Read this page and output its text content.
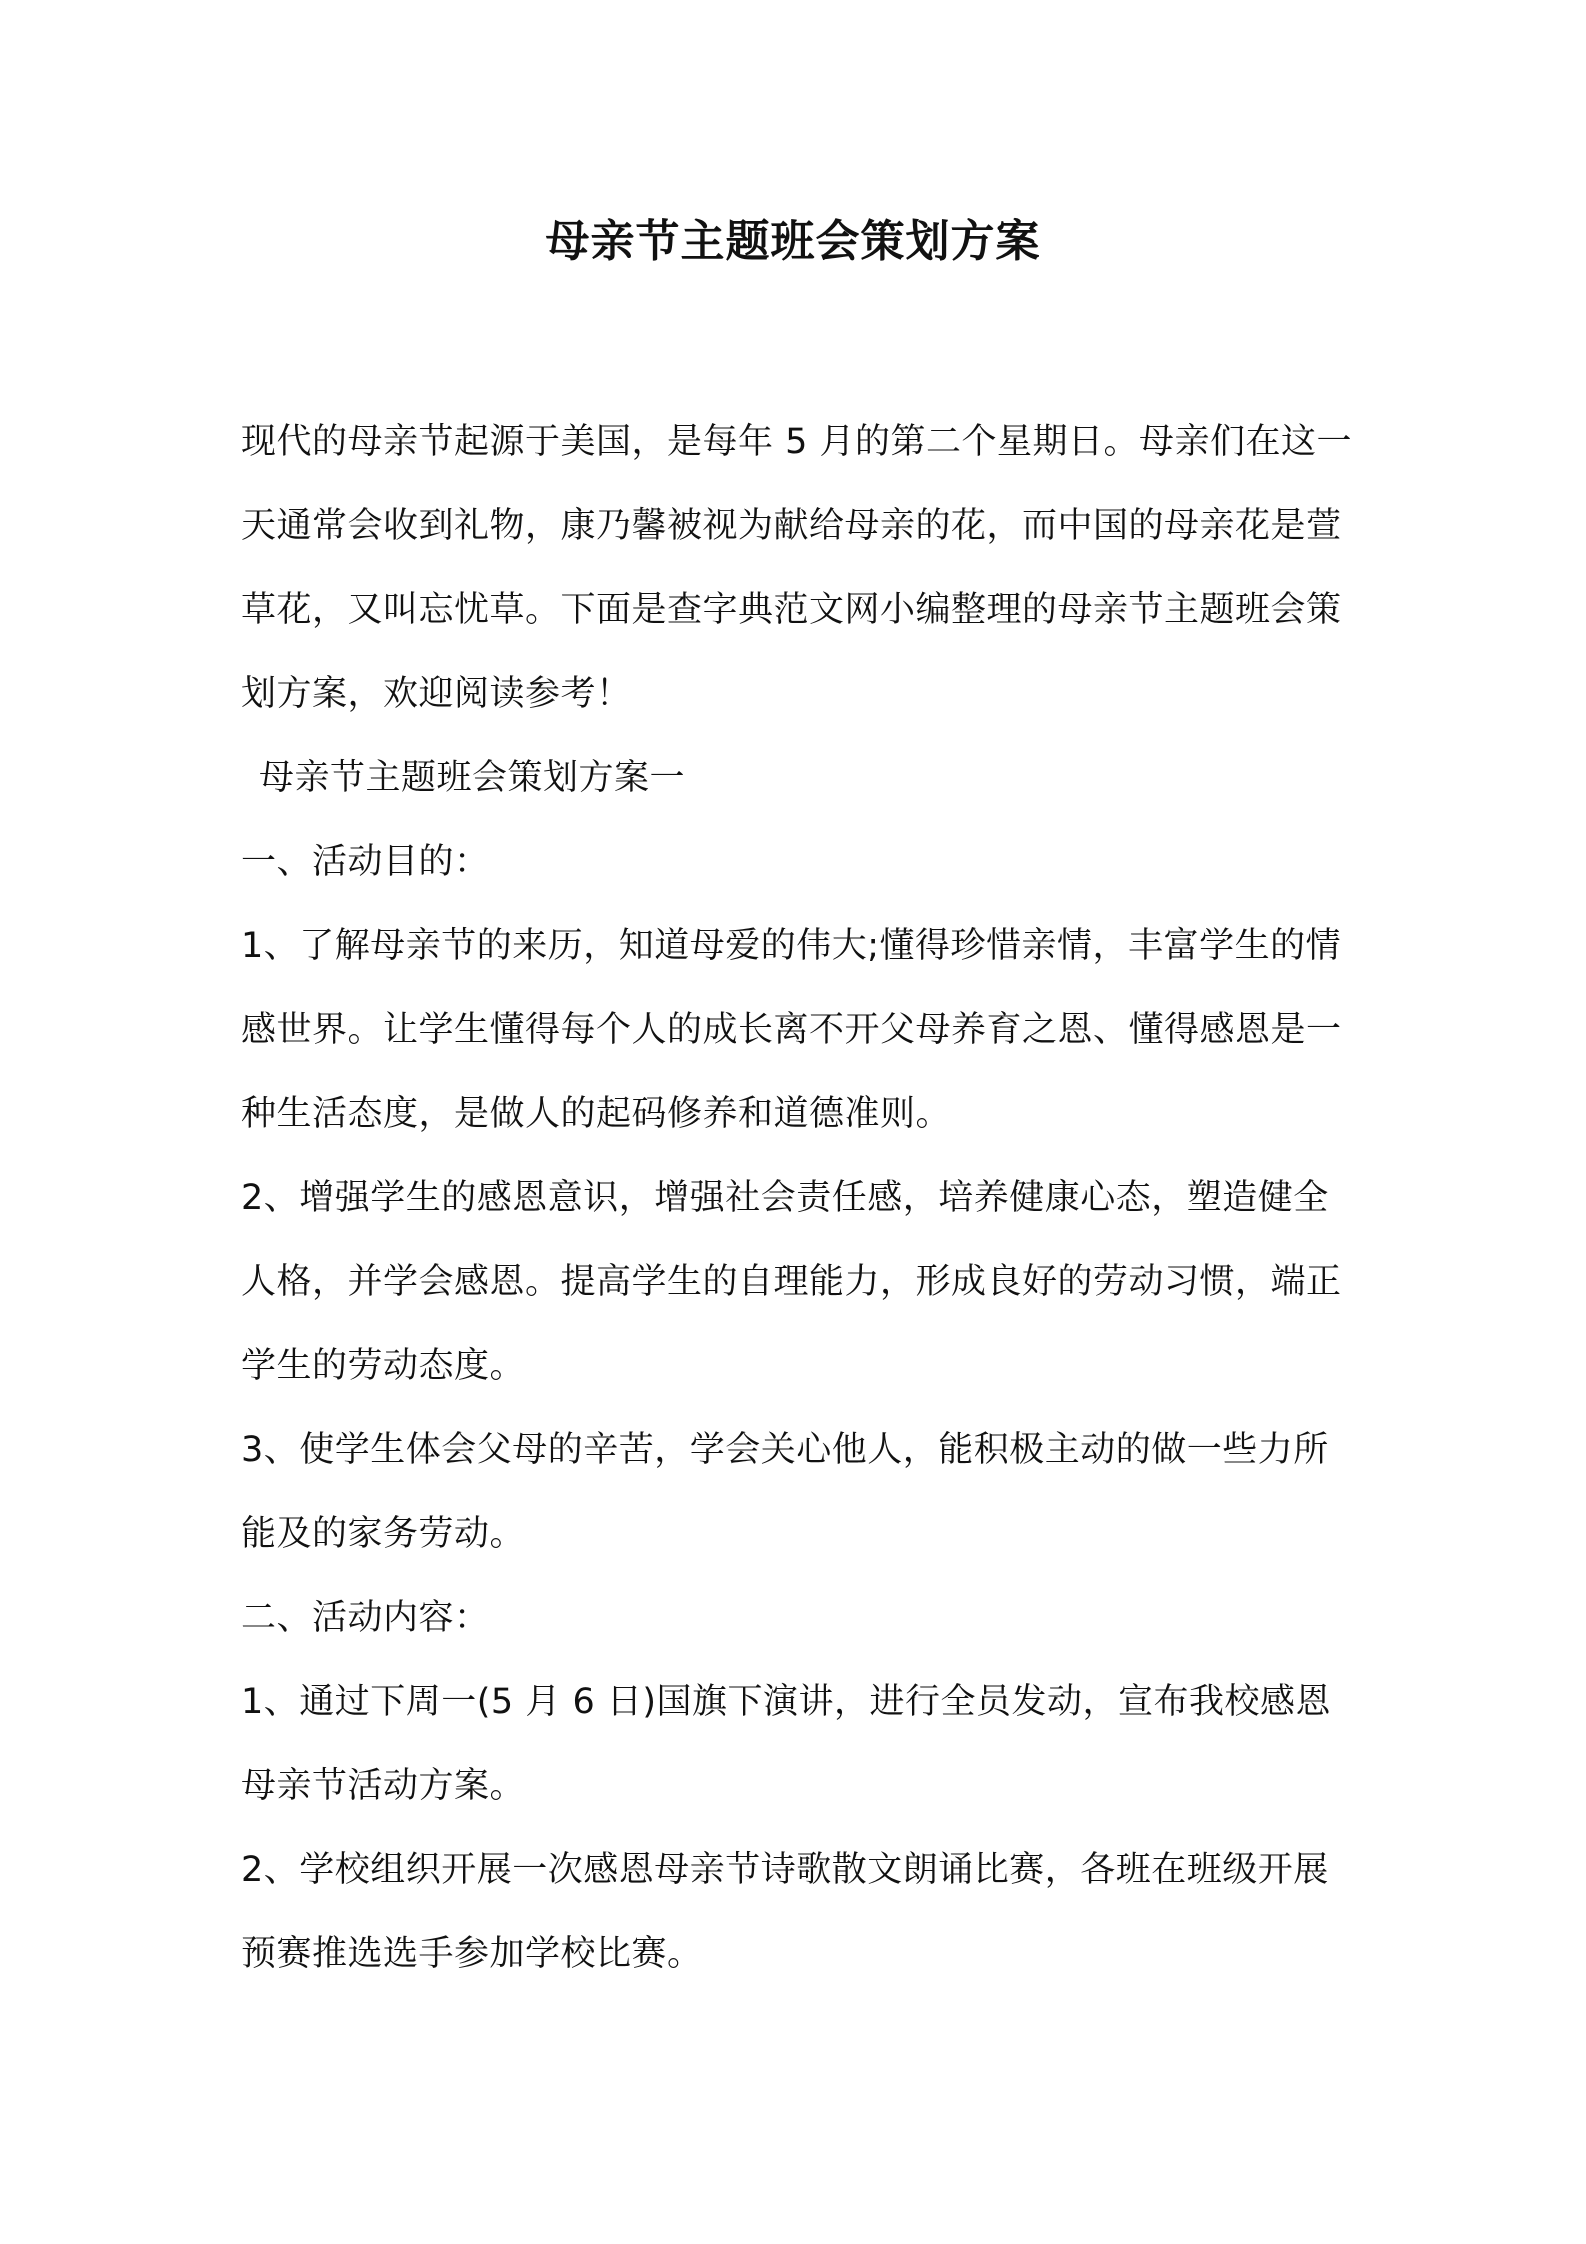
母亲节主题班会策划方案

现代的母亲节起源于美国，是每年 5 月的第二个星期日。母亲们在这一天通常会收到礼物，康乃馨被视为献给母亲的花，而中国的母亲花是萱草花，又叫忘忧草。下面是查字典范文网小编整理的母亲节主题班会策划方案，欢迎阅读参考！

母亲节主题班会策划方案一

一、活动目的：

1、了解母亲节的来历，知道母爱的伟大;懂得珍惜亲情，丰富学生的情感世界。让学生懂得每个人的成长离不开父母养育之恩、懂得感恩是一种生活态度，是做人的起码修养和道德准则。

2、增强学生的感恩意识，增强社会责任感，培养健康心态，塑造健全人格，并学会感恩。提高学生的自理能力，形成良好的劳动习惯，端正学生的劳动态度。

3、使学生体会父母的辛苦，学会关心他人，能积极主动的做一些力所能及的家务劳动。

二、活动内容：

1、通过下周一(5 月 6 日)国旗下演讲，进行全员发动，宣布我校感恩母亲节活动方案。

2、学校组织开展一次感恩母亲节诗歌散文朗诵比赛，各班在班级开展预赛推选选手参加学校比赛。
